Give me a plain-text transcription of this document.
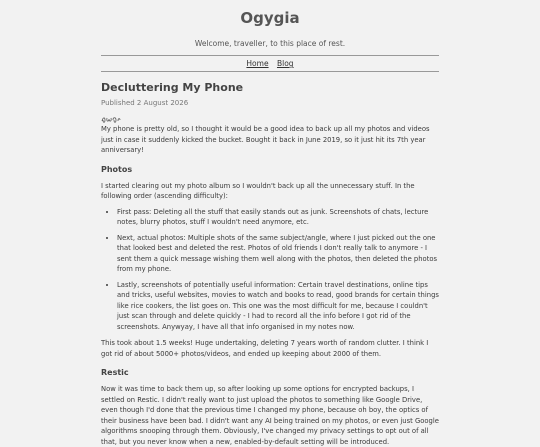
Ogygia
Welcome, traveller, to this place of rest.
Home Blog
Decluttering My Phone
Published 2 August 2026

My phone is pretty old, so I thought it would be a good idea to back up all my photos and videos just in case it suddenly kicked the bucket. Bought it back in June 2019, so it just hit its 7th year anniversary!

Photos

I started clearing out my photo album so I wouldn't back up all the unnecessary stuff. In the following order (ascending difficulty):

• First pass: Deleting all the stuff that easily stands out as junk. Screenshots of chats, lecture notes, blurry photos, stuff I wouldn't need anymore, etc.
• Next, actual photos: Multiple shots of the same subject/angle, where I just picked out the one that looked best and deleted the rest. Photos of old friends I don't really talk to anymore - I sent them a quick message wishing them well along with the photos, then deleted the photos from my phone.
• Lastly, screenshots of potentially useful information: Certain travel destinations, online tips and tricks, useful websites, movies to watch and books to read, good brands for certain things like rice cookers, the list goes on. This one was the most difficult for me, because I couldn't just scan through and delete quickly - I had to record all the info before I got rid of the screenshots. Anywyay, I have all that info organised in my notes now.

This took about 1.5 weeks! Huge undertaking, deleting 7 years worth of random clutter. I think I got rid of about 5000+ photos/videos, and ended up keeping about 2000 of them.

Restic

Now it was time to back them up, so after looking up some options for encrypted backups, I settled on Restic. I didn't really want to just upload the photos to something like Google Drive, even though I'd done that the previous time I changed my phone, because oh boy, the optics of their business have been bad. I didn't want any AI being trained on my photos, or even just Google algorithms snooping through them. Obviously, I've changed my privacy settings to opt out of all that, but you never know when a new, enabled-by-default setting will be introduced.
